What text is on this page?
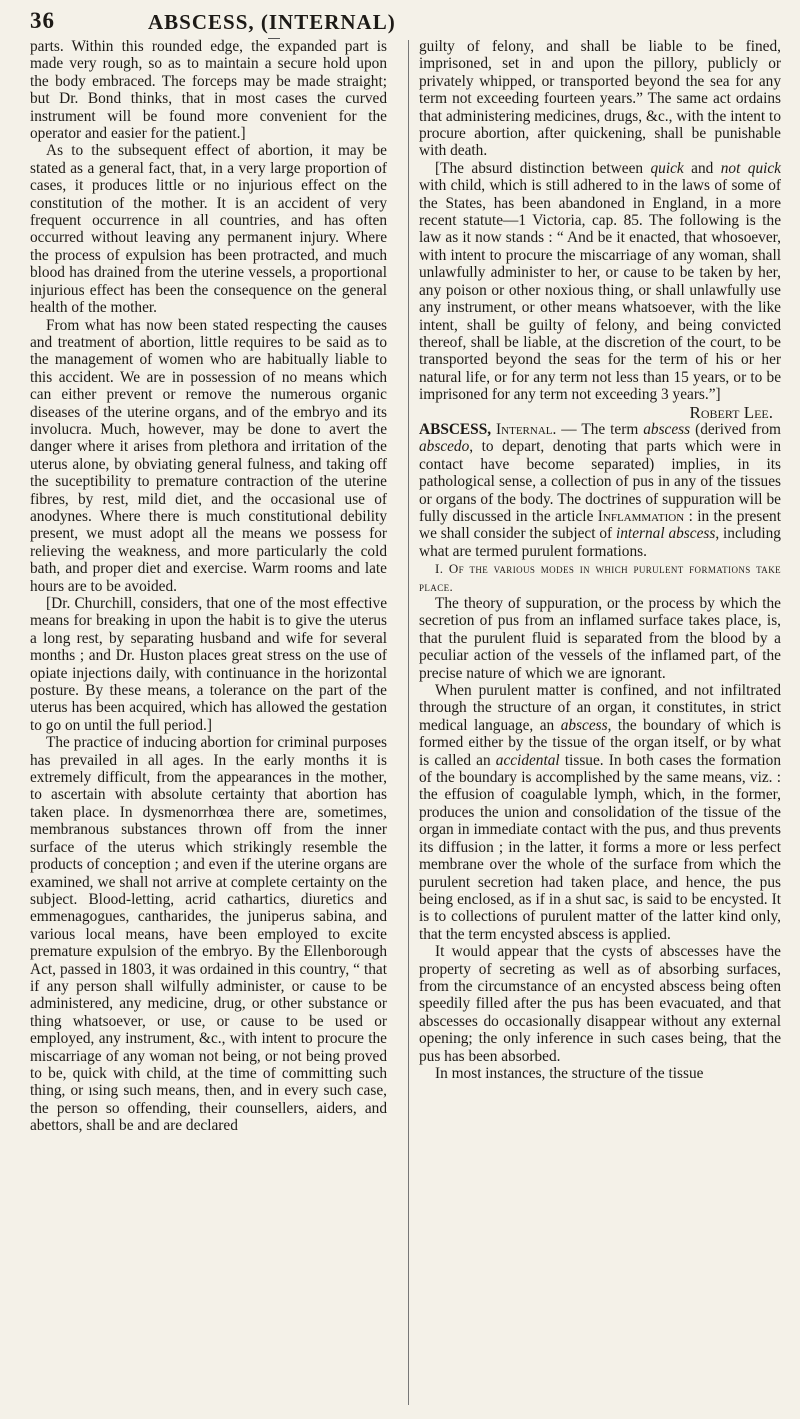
36	ABSCESS, (INTERNAL)

parts. Within this rounded edge, the expanded part is made very rough, so as to maintain a secure hold upon the body embraced. The forceps may be made straight; but Dr. Bond thinks, that in most cases the curved instrument will be found more convenient for the operator and easier for the patient.]

As to the subsequent effect of abortion, it may be stated as a general fact, that, in a very large proportion of cases, it produces little or no injurious effect on the constitution of the mother. It is an accident of very frequent occurrence in all countries, and has often occurred without leaving any permanent injury. Where the process of expulsion has been protracted, and much blood has drained from the uterine vessels, a proportional injurious effect has been the consequence on the general health of the mother.

From what has now been stated respecting the causes and treatment of abortion, little requires to be said as to the management of women who are habitually liable to this accident. We are in possession of no means which can either prevent or remove the numerous organic diseases of the uterine organs, and of the embryo and its involucra. Much, however, may be done to avert the danger where it arises from plethora and irritation of the uterus alone, by obviating general fulness, and taking off the suceptibility to premature contraction of the uterine fibres, by rest, mild diet, and the occasional use of anodynes. Where there is much constitutional debility present, we must adopt all the means we possess for relieving the weakness, and more particularly the cold bath, and proper diet and exercise. Warm rooms and late hours are to be avoided.

[Dr. Churchill, considers, that one of the most effective means for breaking in upon the habit is to give the uterus a long rest, by separating husband and wife for several months ; and Dr. Huston places great stress on the use of opiate injections daily, with continuance in the horizontal posture. By these means, a tolerance on the part of the uterus has been acquired, which has allowed the gestation to go on until the full period.]

The practice of inducing abortion for criminal purposes has prevailed in all ages. In the early months it is extremely difficult, from the appearances in the mother, to ascertain with absolute certainty that abortion has taken place. In dysmenorrhœa there are, sometimes, membranous substances thrown off from the inner surface of the uterus which strikingly resemble the products of conception ; and even if the uterine organs are examined, we shall not arrive at complete certainty on the subject. Blood-letting, acrid cathartics, diuretics and emmenagogues, cantharides, the juniperus sabina, and various local means, have been employed to excite premature expulsion of the embryo. By the Ellenborough Act, passed in 1803, it was ordained in this country, “ that if any person shall wilfully administer, or cause to be administered, any medicine, drug, or other substance or thing whatsoever, or use, or cause to be used or employed, any instrument, &c., with intent to procure the miscarriage of any woman not being, or not being proved to be, quick with child, at the time of committing such thing, or ısing such means, then, and in every such case, the person so offending, their counsellers, aiders, and abettors, shall be and are declared

guilty of felony, and shall be liable to be fined, imprisoned, set in and upon the pillory, publicly or privately whipped, or transported beyond the sea for any term not exceeding fourteen years.” The same act ordains that administering medicines, drugs, &c., with the intent to procure abortion, after quickening, shall be punishable with death.

[The absurd distinction between quick and not quick with child, which is still adhered to in the laws of some of the States, has been abandoned in England, in a more recent statute—1 Victoria, cap. 85. The following is the law as it now stands : “ And be it enacted, that whosoever, with intent to procure the miscarriage of any woman, shall unlawfully administer to her, or cause to be taken by her, any poison or other noxious thing, or shall unlawfully use any instrument, or other means whatsoever, with the like intent, shall be guilty of felony, and being convicted thereof, shall be liable, at the discretion of the court, to be transported beyond the seas for the term of his or her natural life, or for any term not less than 15 years, or to be imprisoned for any term not exceeding 3 years.”]

Robert Lee.

ABSCESS, Internal. — The term abscess (derived from abscedo, to depart, denoting that parts which were in contact have become separated) implies, in its pathological sense, a collection of pus in any of the tissues or organs of the body. The doctrines of suppuration will be fully discussed in the article Inflammation : in the present we shall consider the subject of internal abscess, including what are termed purulent formations.

I. Of the various modes in which purulent formations take place.

The theory of suppuration, or the process by which the secretion of pus from an inflamed surface takes place, is, that the purulent fluid is separated from the blood by a peculiar action of the vessels of the inflamed part, of the precise nature of which we are ignorant.

When purulent matter is confined, and not infiltrated through the structure of an organ, it constitutes, in strict medical language, an abscess, the boundary of which is formed either by the tissue of the organ itself, or by what is called an accidental tissue. In both cases the formation of the boundary is accomplished by the same means, viz. : the effusion of coagulable lymph, which, in the former, produces the union and consolidation of the tissue of the organ in immediate contact with the pus, and thus prevents its diffusion ; in the latter, it forms a more or less perfect membrane over the whole of the surface from which the purulent secretion had taken place, and hence, the pus being enclosed, as if in a shut sac, is said to be encysted. It is to collections of purulent matter of the latter kind only, that the term encysted abscess is applied.

It would appear that the cysts of abscesses have the property of secreting as well as of absorbing surfaces, from the circumstance of an encysted abscess being often speedily filled after the pus has been evacuated, and that abscesses do occasionally disappear without any external opening; the only inference in such cases being, that the pus has been absorbed.

In most instances, the structure of the tissue
